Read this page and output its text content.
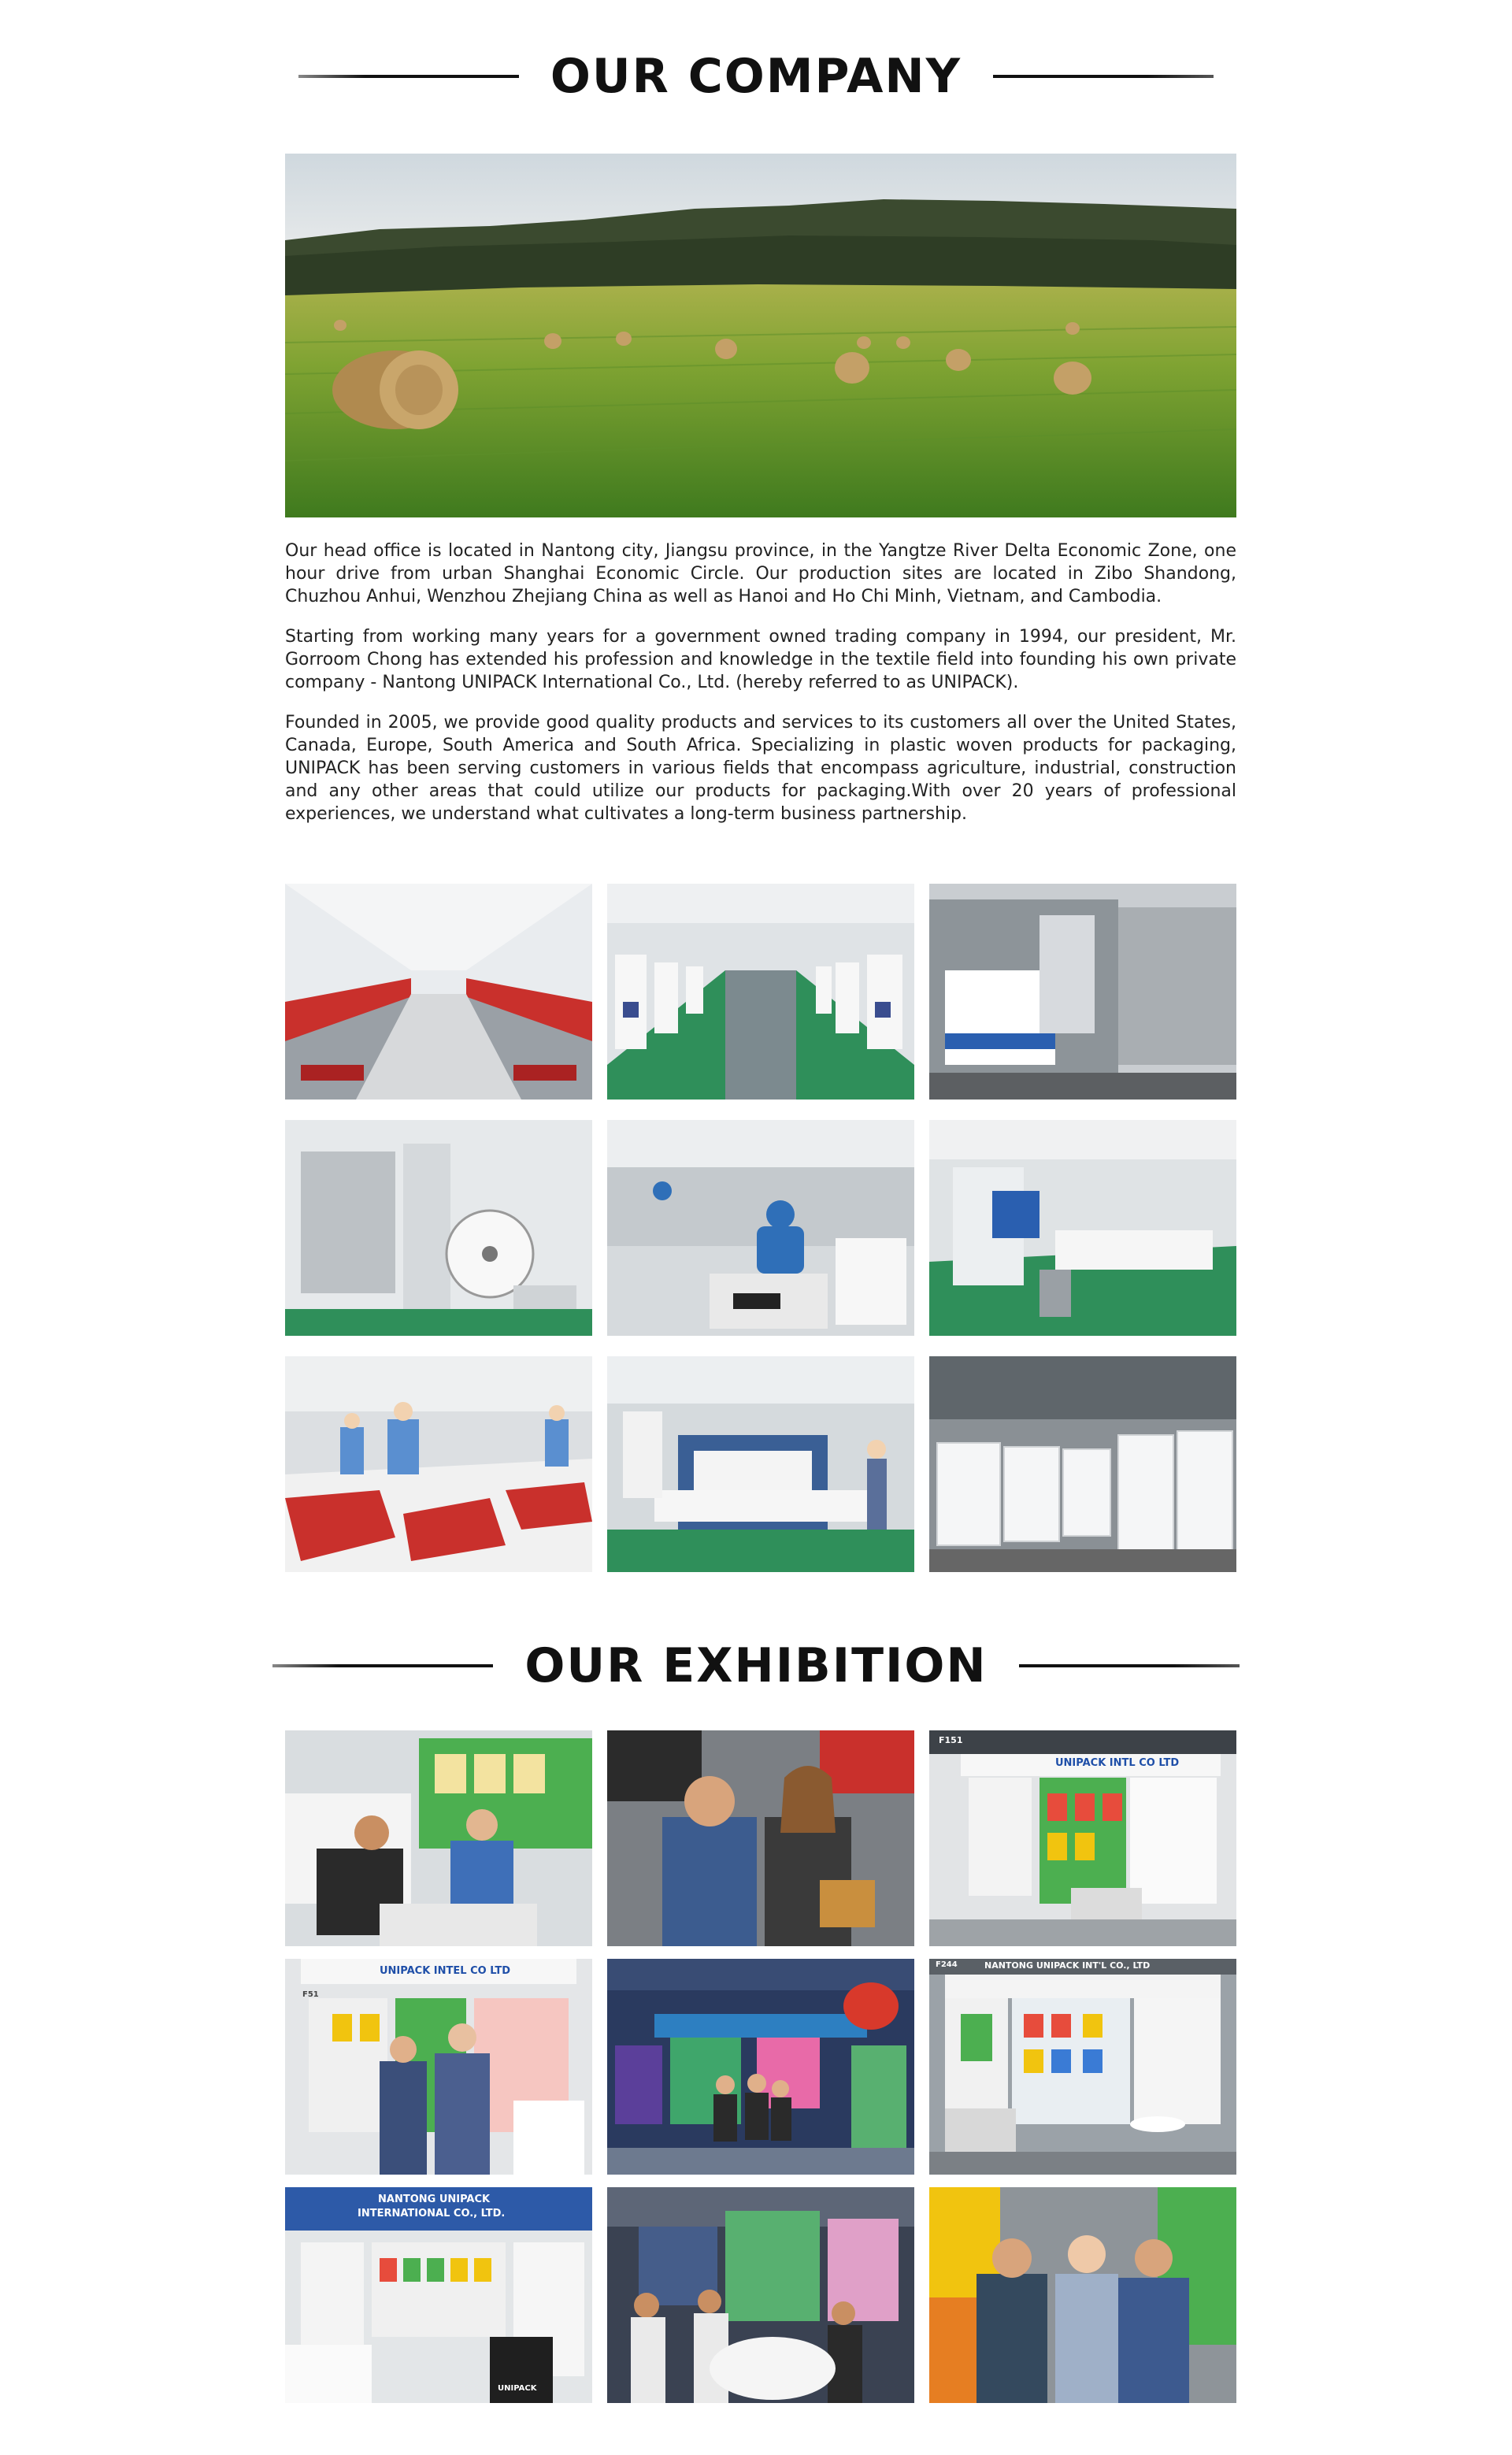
OUR COMPANY

Our head office is located in Nantong city, Jiangsu province, in the Yangtze River Delta Economic Zone, one hour drive from urban Shanghai Economic Circle. Our production sites are located in Zibo Shandong, Chuzhou Anhui, Wenzhou Zhejiang China as well as Hanoi and Ho Chi Minh, Vietnam, and Cambodia.

Starting from working many years for a government owned trading company in 1994, our president, Mr. Gorroom Chong has extended his profession and knowledge in the textile field into founding his own private company - Nantong UNIPACK International Co., Ltd. (hereby referred to as UNIPACK).

Founded in 2005, we provide good quality products and services to its customers all over the United States, Canada, Europe, South America and South Africa. Specializing in plastic woven products for packaging, UNIPACK has been serving customers in various fields that encompass agriculture, industrial, construction and any other areas that could utilize our products for packaging.With over 20 years of professional experiences, we understand what cultivates a long-term business partnership.

OUR EXHIBITION
UNIPACK INTL CO LTD
F151
UNIPACK INTEL CO LTD
F51
NANTONG UNIPACK INT'L CO., LTD
F244
NANTONG UNIPACK
INTERNATIONAL CO., LTD.
UNIPACK
